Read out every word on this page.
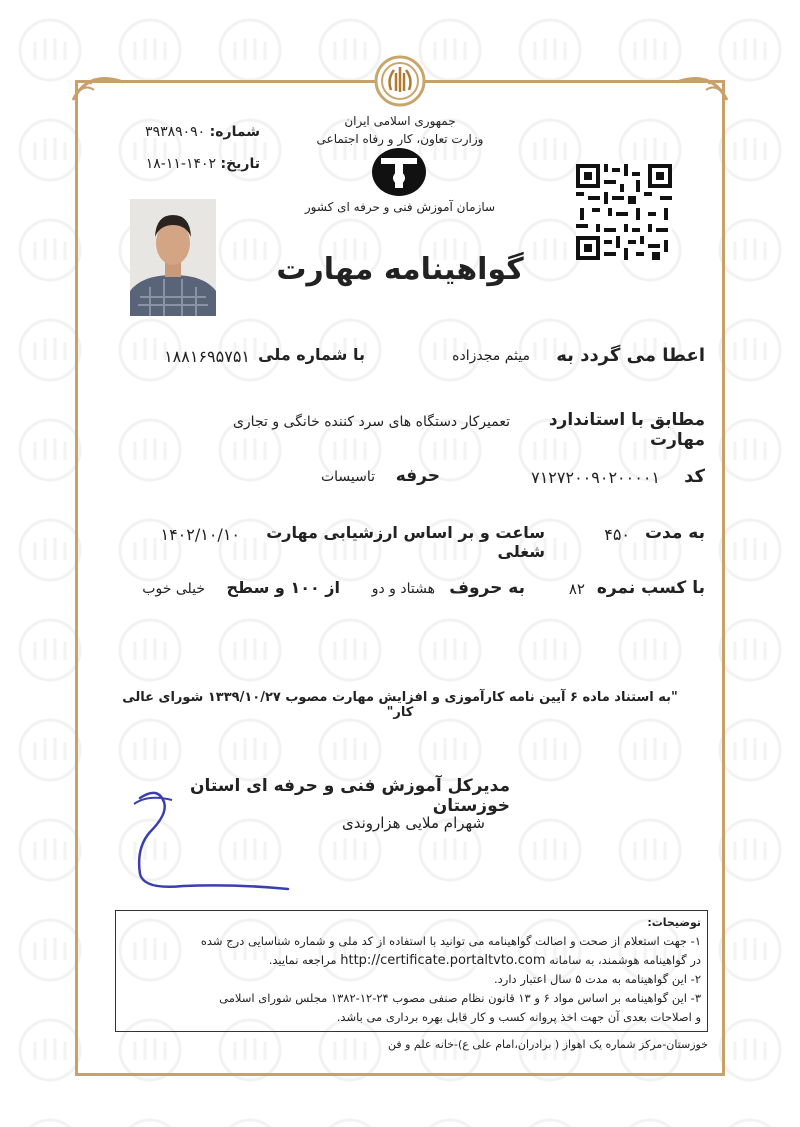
جمهوری اسلامی ایران
وزارت تعاون، کار و رفاه اجتماعی
سازمان آموزش فنی و حرفه ای کشور
شماره: ۳۹۳۸۹۰۹۰
تاریخ: ۱۴۰۲-۱۱-۱۸
گواهینامه مهارت
اعطا می گردد به
میثم مجدزاده
با شماره ملی
۱۸۸۱۶۹۵۷۵۱
مطابق با استاندارد مهارت
تعمیرکار دستگاه های سرد کننده خانگی و تجاری
کد
۷۱۲۷۲۰۰۹۰۲۰۰۰۰۱
حرفه
تاسیسات
به مدت
۴۵۰
ساعت و بر اساس ارزشیابی مهارت شغلی
۱۴۰۲/۱۰/۱۰
با کسب نمره
۸۲
به حروف
هشتاد و دو
از ۱۰۰ و سطح
خیلی خوب
"به استناد ماده ۶ آیین نامه کارآموزی و افزایش مهارت مصوب ۱۳۳۹/۱۰/۲۷ شورای عالی کار"
مدیرکل آموزش فنی و حرفه ای استان خوزستان
شهرام ملایی هزاروندی
توضیحات:
۱- جهت استعلام از صحت و اصالت گواهینامه می توانید با استفاده از کد ملی و شماره شناسایی درج شده
در گواهینامه هوشمند، به سامانه http://certificate.portaltvto.com مراجعه نمایید.
۲- این گواهینامه به مدت ۵ سال اعتبار دارد.
۳- این گواهینامه بر اساس مواد ۶ و ۱۳ قانون نظام صنفی مصوب ۲۴-۱۲-۱۳۸۲ مجلس شورای اسلامی
و اصلاحات بعدی آن جهت اخذ پروانه کسب و کار قابل بهره برداری می باشد.
خوزستان-مرکز شماره یک اهواز ( برادران،امام علی ع)-خانه علم و فن
